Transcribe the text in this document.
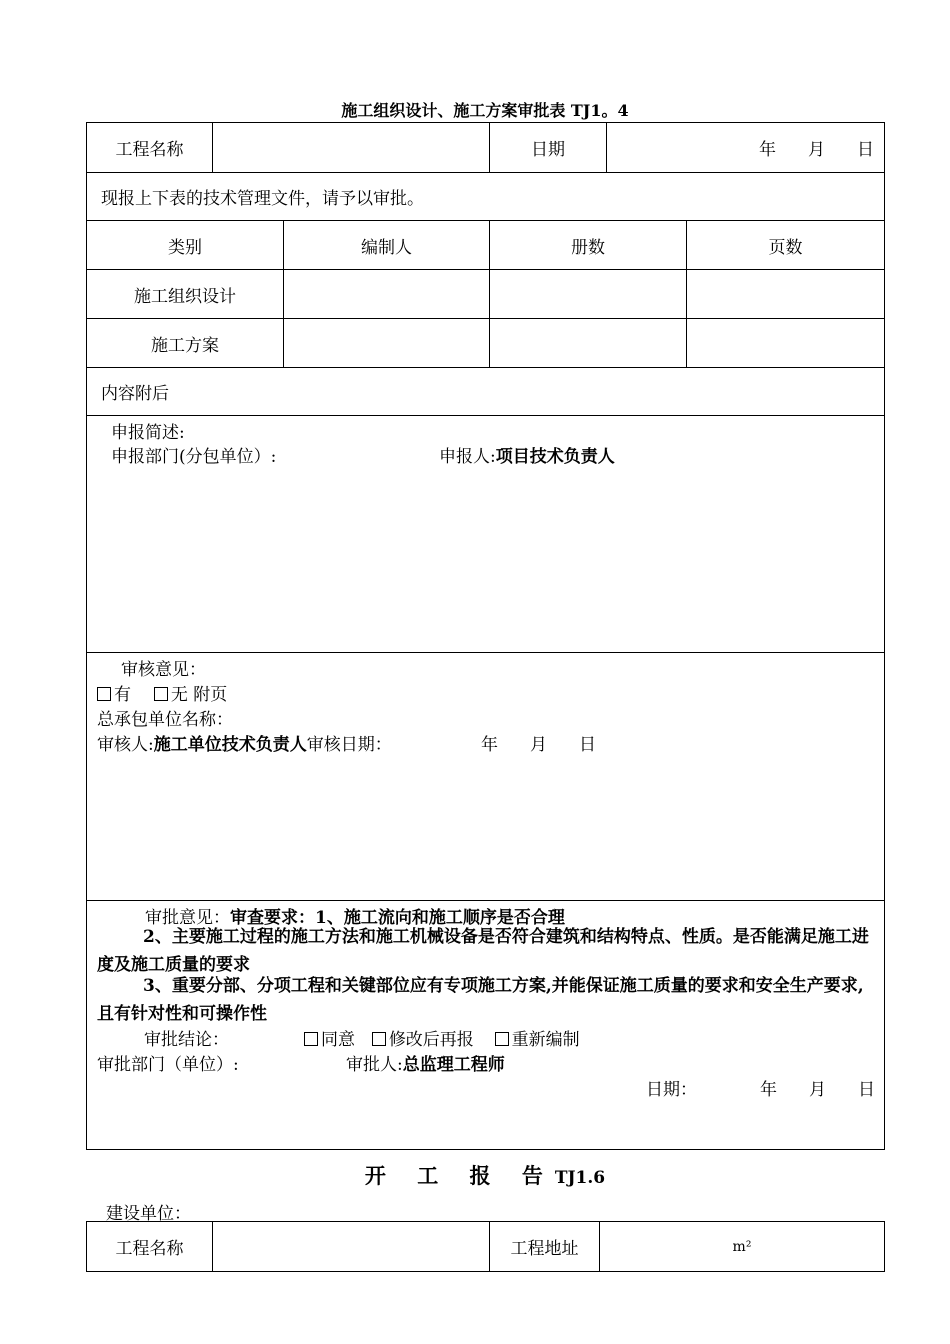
施工组织设计、施工方案审批表 TJ1。4
工程名称			日期	年 月 日	
现报上下表的技术管理文件，请予以审批。					
类别		编制人	册数		页数
施工组织设计					
施工方案					
内容附后					

申报简述:
申报部门(分包单位）: 申报人:项目技术负责人					

审核意见：
有 无 附页
总承包单位名称：
审核人:施工单位技术负责人审核日期： 年 月 日					

审批意见：审查要求：1、施工流向和施工顺序是否合理					
2、主要施工过程的施工方法和施工机械设备是否符合建筑和结构特点、性质。是否能满足施工进度及施工质量的要求
3、重要分部、分项工程和关键部位应有专项施工方案,并能保证施工质量的要求和安全生产要求,且有针对性和可操作性
审批结论：	同意 修改后再报 重新编制
审批部门（单位）:	审批人:总监理工程师
日期：	年 月 日
开 工 报 告TJ1.6
建设单位：
工程名称		工程地址	m²
